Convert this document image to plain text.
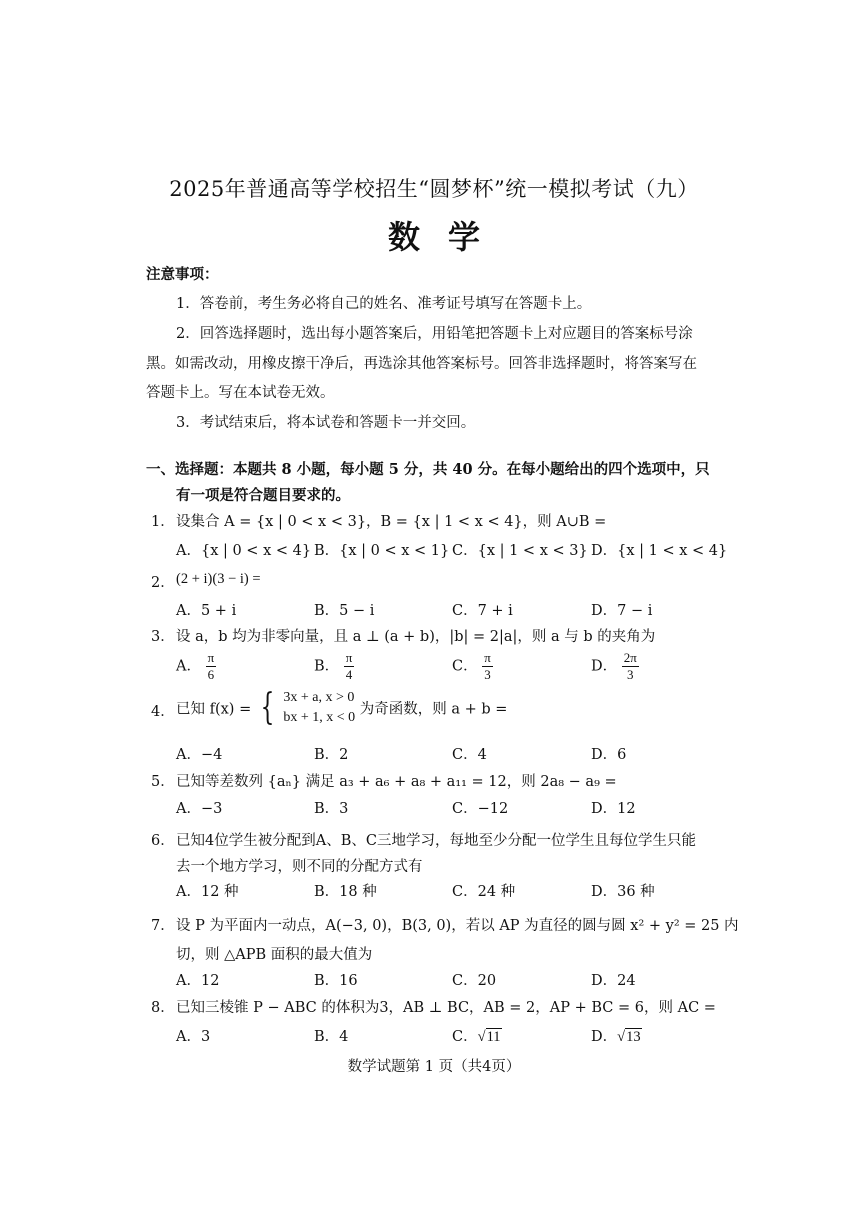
2025年普通高等学校招生“圆梦杯”统一模拟考试（九）
数学
注意事项：
1．答卷前，考生务必将自己的姓名、准考证号填写在答题卡上。
2．回答选择题时，选出每小题答案后，用铅笔把答题卡上对应题目的答案标号涂
黑。如需改动，用橡皮擦干净后，再选涂其他答案标号。回答非选择题时，将答案写在
答题卡上。写在本试卷无效。
3．考试结束后，将本试卷和答题卡一并交回。
一、选择题：本题共 8 小题，每小题 5 分，共 40 分。在每小题给出的四个选项中，只
有一项是符合题目要求的。
1． 设集合 A = {x | 0 < x < 3}，B = {x | 1 < x < 4}，则 A∪B =
A．{x | 0 < x < 4} B．{x | 0 < x < 1} C．{x | 1 < x < 3} D．{x | 1 < x < 4}
2． (2 + i)(3 − i) =
A．5 + i	B．5 − i	C．7 + i	D．7 − i
3． 设 a，b 均为非零向量，且 a ⊥ (a + b)，|b| = 2|a|，则 a 与 b 的夹角为
A． $\frac{\pi}{6}$	B． $\frac{\pi}{4}$	C． $\frac{\pi}{3}$	D． $\frac{2\pi}{3}$
4． 已知 f(x) = { 3x + a, x > 0
bx + 1, x < 0 为奇函数，则 a + b =
A．−4	B．2	C．4	D．6
5． 已知等差数列 {aₙ} 满足 a₃ + a₆ + a₈ + a₁₁ = 12，则 2a₈ − a₉ =
A．−3	B．3	C．−12	D．12
6． 已知4位学生被分配到A、B、C三地学习，每地至少分配一位学生且每位学生只能
去一个地方学习，则不同的分配方式有
A．12 种	B．18 种	C．24 种	D．36 种
7． 设 P 为平面内一动点，A(−3, 0)，B(3, 0)，若以 AP 为直径的圆与圆 x² + y² = 25 内
切，则 △APB 面积的最大值为
A．12	B．16	C．20	D．24
8． 已知三棱锥 P − ABC 的体积为3，AB ⊥ BC，AB = 2，AP + BC = 6，则 AC =
A．3	B．4	C．√11	D．√13
数学试题第 1 页（共4页）
